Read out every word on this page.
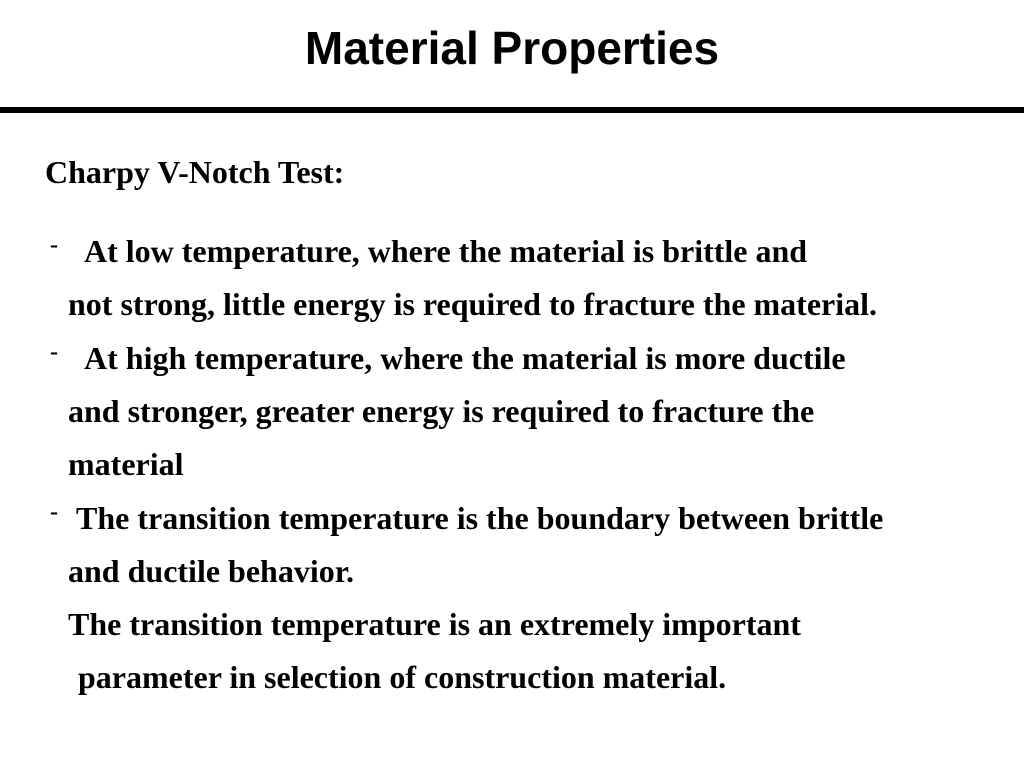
Material Properties
Charpy V-Notch Test:
- At low temperature, where the material is brittle and
not strong, little energy is required to fracture the material.
- At high temperature, where the material is more ductile
and stronger, greater energy is required to fracture the
material
- The transition temperature is the boundary between brittle
and ductile behavior.
The transition temperature is an extremely important
parameter in selection of construction material.
